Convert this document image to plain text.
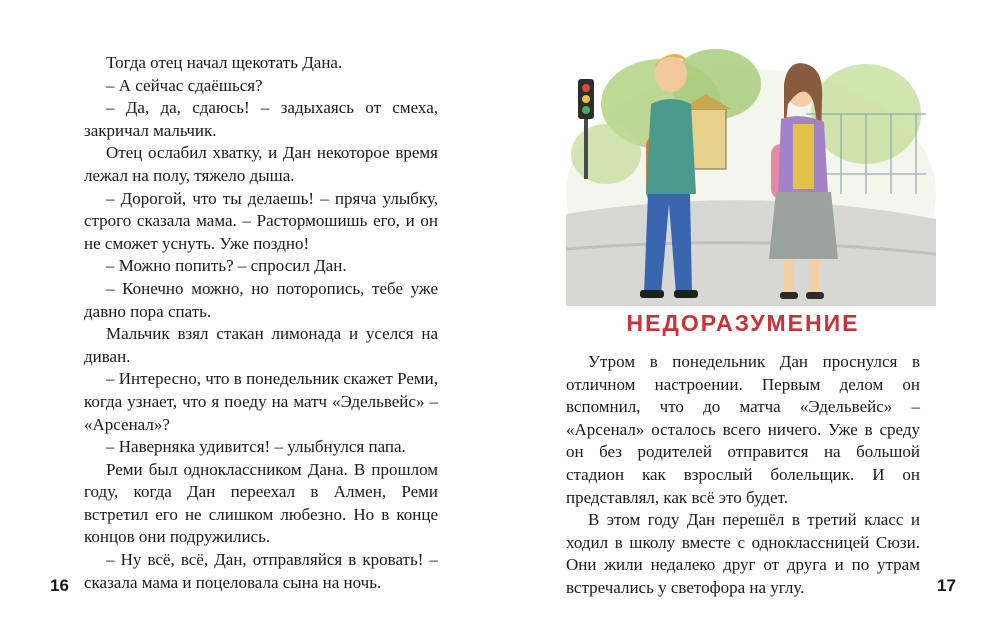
Тогда отец начал щекотать Дана.

– А сейчас сдаёшься?

– Да, да, сдаюсь! – задыхаясь от смеха, закричал мальчик.

Отец ослабил хватку, и Дан некоторое время лежал на полу, тяжело дыша.

– Дорогой, что ты делаешь! – пряча улыбку, строго сказала мама. – Растормошишь его, и он не сможет уснуть. Уже поздно!

– Можно попить? – спросил Дан.

– Конечно можно, но поторопись, тебе уже давно пора спать.

Мальчик взял стакан лимонада и уселся на диван.

– Интересно, что в понедельник скажет Реми, когда узнает, что я поеду на матч «Эдельвейс» – «Арсенал»?

– Наверняка удивится! – улыбнулся папа.

Реми был одноклассником Дана. В прошлом году, когда Дан переехал в Алмен, Реми встретил его не слишком любезно. Но в конце концов они подружились.

– Ну всё, всё, Дан, отправляйся в кровать! – сказала мама и поцеловала сына на ночь.

16
НЕДОРАЗУМЕНИЕ

Утром в понедельник Дан проснулся в отличном настроении. Первым делом он вспомнил, что до матча «Эдельвейс» – «Арсенал» осталось всего ничего. Уже в среду он без родителей отправится на большой стадион как взрослый болельщик. И он представлял, как всё это будет.

В этом году Дан перешёл в третий класс и ходил в школу вместе с одноклассницей Сюзи. Они жили недалеко друг от друга и по утрам встречались у светофора на углу.	17
